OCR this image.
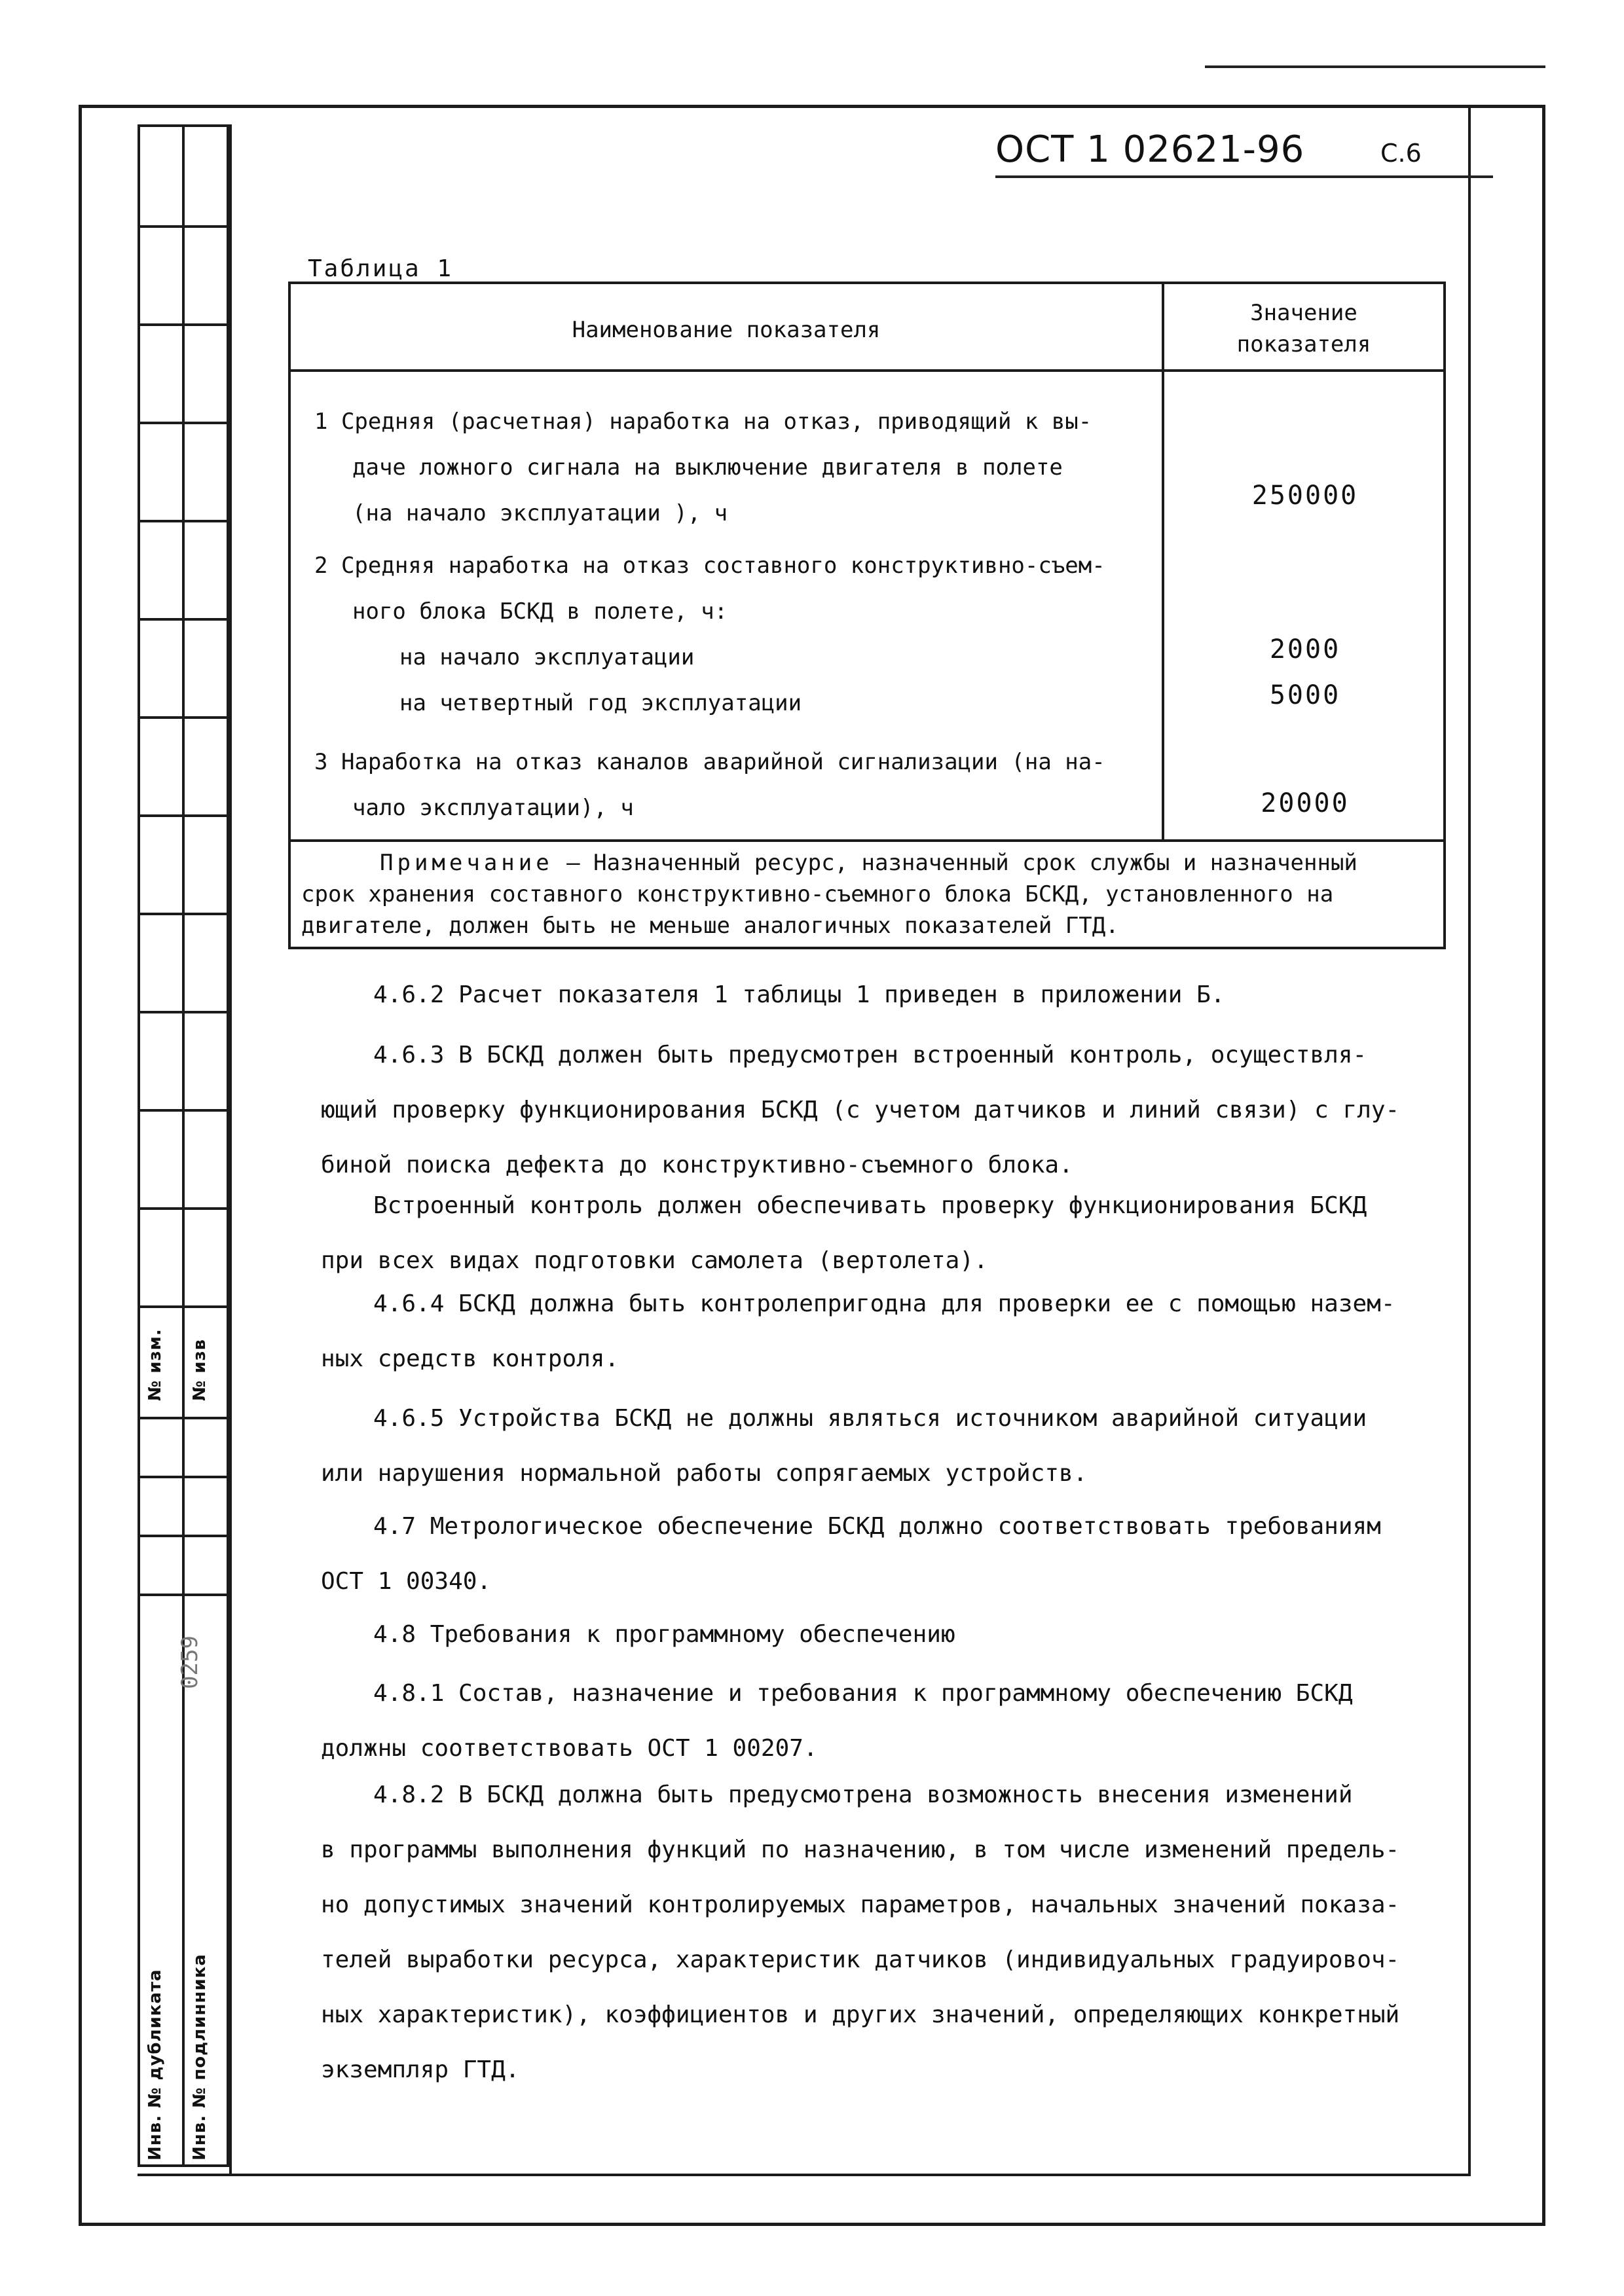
№ изм. № изв
Инв. № дубликата Инв. № подлинника
0259
ОСТ 1 02621-96	С.6
Таблица 1
Наименование показателя
Значение
показателя
1 Средняя (расчетная) наработка на отказ, приводящий к вы-
даче ложного сигнала на выключение двигателя в полете
(на начало эксплуатации ), ч
250000
2 Средняя наработка на отказ составного конструктивно-съем-
ного блока БСКД в полете, ч:
на начало эксплуатации
на четвертный год эксплуатации
2000
5000
3 Наработка на отказ каналов аварийной сигнализации (на на-
чало эксплуатации), ч	20000
Примечание – Назначенный ресурс, назначенный срок службы и назначенный
срок хранения составного конструктивно-съемного блока БСКД, установленного на
двигателе, должен быть не меньше аналогичных показателей ГТД.
4.6.2 Расчет показателя 1 таблицы 1 приведен в приложении Б.
4.6.3 В БСКД должен быть предусмотрен встроенный контроль, осуществля-
ющий проверку функционирования БСКД (с учетом датчиков и линий связи) с глу-
биной поиска дефекта до конструктивно-съемного блока.
Встроенный контроль должен обеспечивать проверку функционирования БСКД
при всех видах подготовки самолета (вертолета).
4.6.4 БСКД должна быть контролепригодна для проверки ее с помощью назем-
ных средств контроля.
4.6.5 Устройства БСКД не должны являться источником аварийной ситуации
или нарушения нормальной работы сопрягаемых устройств.
4.7 Метрологическое обеспечение БСКД должно соответствовать требованиям
ОСТ 1 00340.
4.8 Требования к программному обеспечению
4.8.1 Состав, назначение и требования к программному обеспечению БСКД
должны соответствовать ОСТ 1 00207.
4.8.2 В БСКД должна быть предусмотрена возможность внесения изменений
в программы выполнения функций по назначению, в том числе изменений предель-
но допустимых значений контролируемых параметров, начальных значений показа-
телей выработки ресурса, характеристик датчиков (индивидуальных градуировоч-
ных характеристик), коэффициентов и других значений, определяющих конкретный
экземпляр ГТД.
